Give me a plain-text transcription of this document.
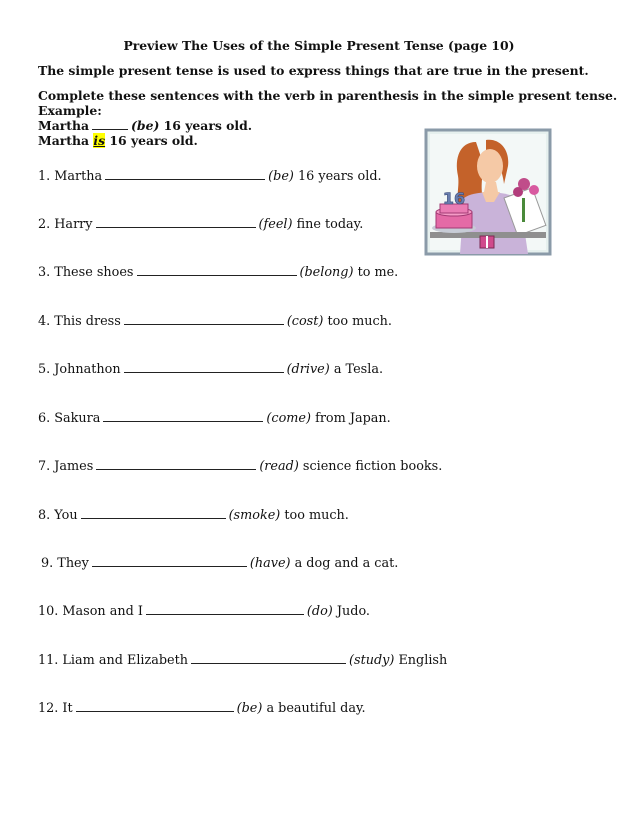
Preview The Uses of the Simple Present Tense (page 10)
The simple present tense is used to express things that are true in the present.
Complete these sentences with the verb in parenthesis in the simple present tense.
Example:
Martha	(be) 16 years old.
Martha is 16 years old.
16
1. Martha	(be) 16 years old.
2. Harry	(feel) fine today.
3. These shoes	(belong) to me.
4. This dress	(cost) too much.
5. Johnathon	(drive) a Tesla.
6. Sakura	(come) from Japan.
7. James	(read) science fiction books.
8. You	(smoke) too much.
9. They	(have) a dog and a cat.
10. Mason and I	(do) Judo.
11. Liam and Elizabeth	(study) English
12. It	(be) a beautiful day.
